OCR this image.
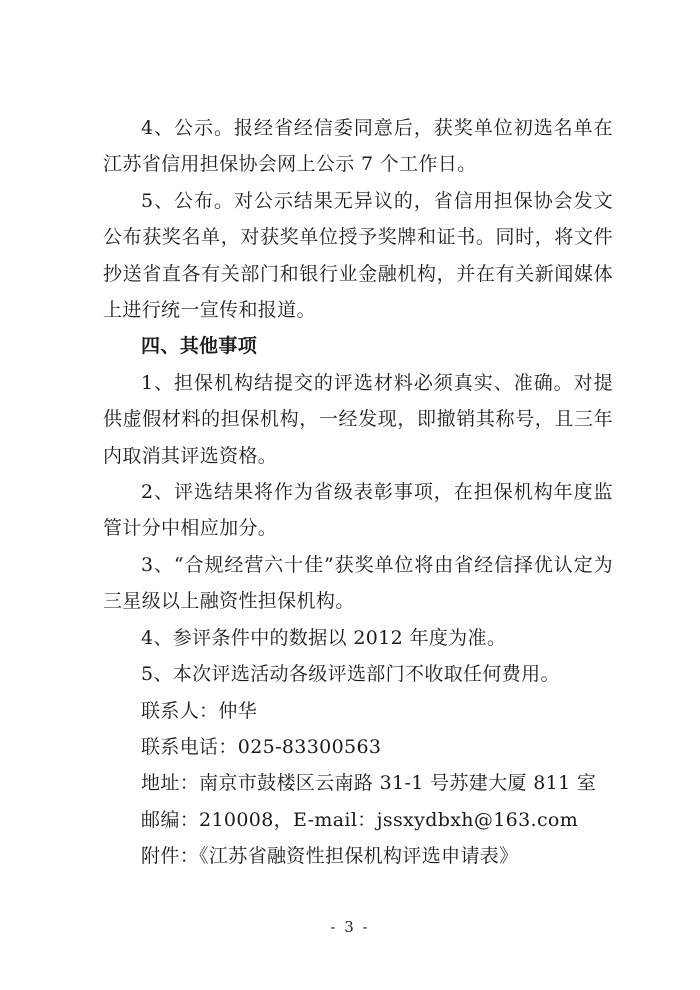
4、公示。报经省经信委同意后，获奖单位初选名单在江苏省信用担保协会网上公示 7 个工作日。

5、公布。对公示结果无异议的，省信用担保协会发文公布获奖名单，对获奖单位授予奖牌和证书。同时，将文件抄送省直各有关部门和银行业金融机构，并在有关新闻媒体上进行统一宣传和报道。

四、其他事项

1、担保机构结提交的评选材料必须真实、准确。对提供虚假材料的担保机构，一经发现，即撤销其称号，且三年内取消其评选资格。

2、评选结果将作为省级表彰事项，在担保机构年度监管计分中相应加分。

3、“合规经营六十佳”获奖单位将由省经信择优认定为三星级以上融资性担保机构。

4、参评条件中的数据以 2012 年度为准。

5、本次评选活动各级评选部门不收取任何费用。

联系人：仲华

联系电话：025-83300563

地址：南京市鼓楼区云南路 31-1 号苏建大厦 811 室

邮编：210008，E-mail：jssxydbxh@163.com

附件：《江苏省融资性担保机构评选申请表》

- 3 -
